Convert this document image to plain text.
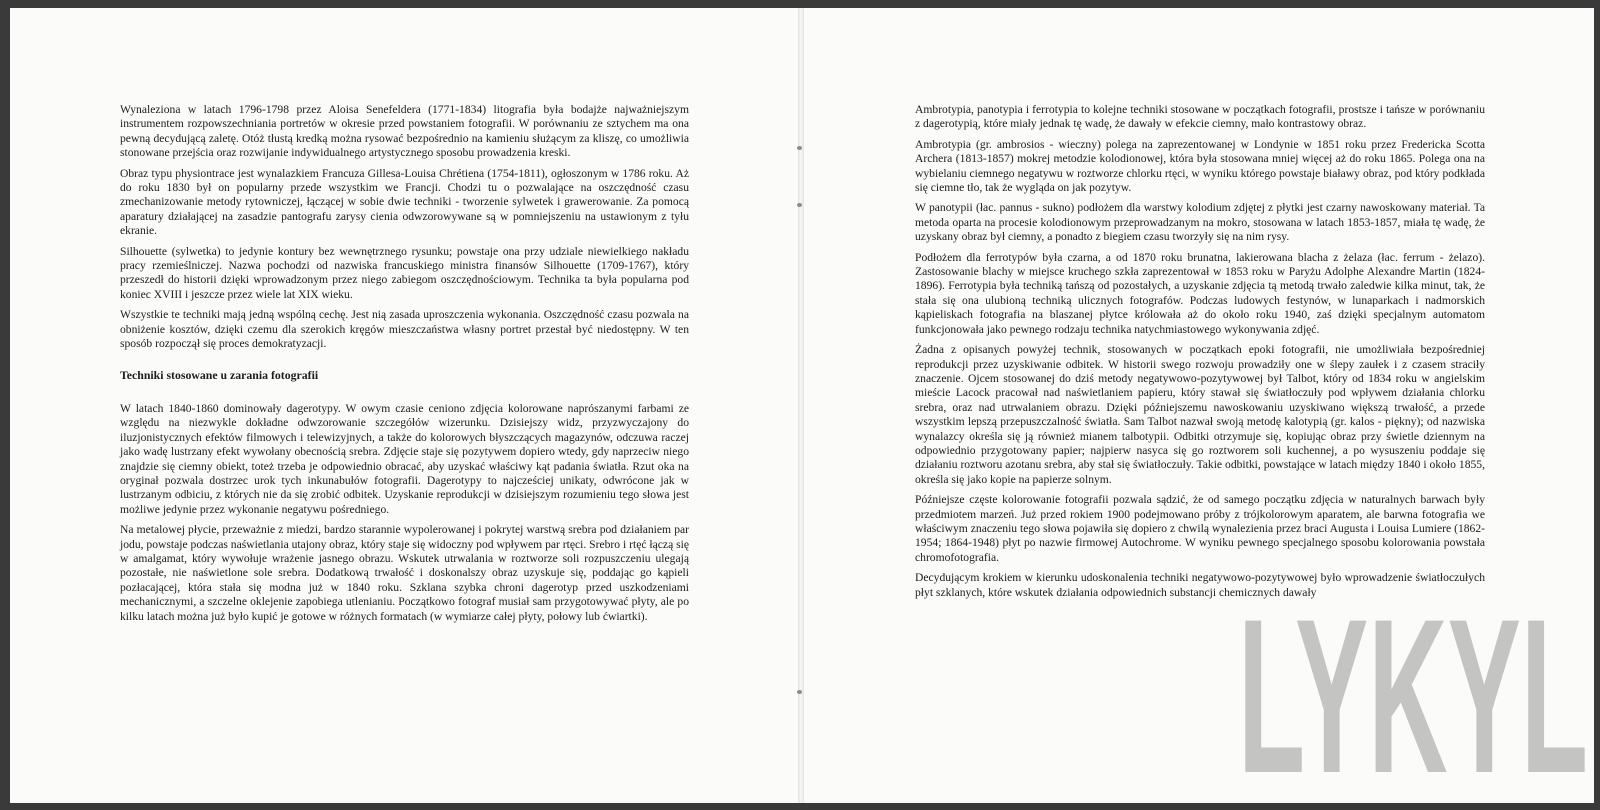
Wynaleziona w latach 1796-1798 przez Aloisa Senefeldera (1771-1834) litografia była bodajże najważniejszym instrumentem rozpowszechniania portretów w okresie przed powstaniem fotografii. W porównaniu ze sztychem ma ona pewną decydującą zaletę. Otóż tłustą kredką można rysować bezpośrednio na kamieniu służącym za kliszę, co umożliwia stonowane przejścia oraz rozwijanie indywidualnego artystycznego sposobu prowadzenia kreski.

Obraz typu physiontrace jest wynalazkiem Francuza Gillesa-Louisa Chrétiena (1754-1811), ogłoszonym w 1786 roku. Aż do roku 1830 był on popularny przede wszystkim we Francji. Chodzi tu o pozwalające na oszczędność czasu zmechanizowanie metody rytowniczej, łączącej w sobie dwie techniki - tworzenie sylwetek i grawerowanie. Za pomocą aparatury działającej na zasadzie pantografu zarysy cienia odwzorowywane są w pomniejszeniu na ustawionym z tyłu ekranie.

Silhouette (sylwetka) to jedynie kontury bez wewnętrznego rysunku; powstaje ona przy udziale niewielkiego nakładu pracy rzemieślniczej. Nazwa pochodzi od nazwiska francuskiego ministra finansów Silhouette (1709-1767), który przeszedł do historii dzięki wprowadzonym przez niego zabiegom oszczędnościowym. Technika ta była popularna pod koniec XVIII i jeszcze przez wiele lat XIX wieku.

Wszystkie te techniki mają jedną wspólną cechę. Jest nią zasada uproszczenia wykonania. Oszczędność czasu pozwala na obniżenie kosztów, dzięki czemu dla szerokich kręgów mieszczaństwa własny portret przestał być niedostępny. W ten sposób rozpoczął się proces demokratyzacji.

Techniki stosowane u zarania fotografii

W latach 1840-1860 dominowały dagerotypy. W owym czasie ceniono zdjęcia kolorowane naprószanymi farbami ze względu na niezwykle dokładne odwzorowanie szczegółów wizerunku. Dzisiejszy widz, przyzwyczajony do iluzjonistycznych efektów filmowych i telewizyjnych, a także do kolorowych błyszczących magazynów, odczuwa raczej jako wadę lustrzany efekt wywołany obecnością srebra. Zdjęcie staje się pozytywem dopiero wtedy, gdy naprzeciw niego znajdzie się ciemny obiekt, toteż trzeba je odpowiednio obracać, aby uzyskać właściwy kąt padania światła. Rzut oka na oryginał pozwala dostrzec urok tych inkunabułów fotografii. Dagerotypy to najcześciej unikaty, odwrócone jak w lustrzanym odbiciu, z których nie da się zrobić odbitek. Uzyskanie reprodukcji w dzisiejszym rozumieniu tego słowa jest możliwe jedynie przez wykonanie negatywu pośredniego.

Na metalowej płycie, przeważnie z miedzi, bardzo starannie wypolerowanej i pokrytej warstwą srebra pod działaniem par jodu, powstaje podczas naświetlania utajony obraz, który staje się widoczny pod wpływem par rtęci. Srebro i rtęć łączą się w amalgamat, który wywołuje wrażenie jasnego obrazu. Wskutek utrwalania w roztworze soli rozpuszczeniu ulegają pozostałe, nie naświetlone sole srebra. Dodatkową trwałość i doskonalszy obraz uzyskuje się, poddając go kąpieli pozłacającej, która stała się modna już w 1840 roku. Szklana szybka chroni dagerotyp przed uszkodzeniami mechanicznymi, a szczelne oklejenie zapobiega utlenianiu. Początkowo fotograf musiał sam przygotowywać płyty, ale po kilku latach można już było kupić je gotowe w różnych formatach (w wymiarze całej płyty, połowy lub ćwiartki).

Ambrotypia, panotypia i ferrotypia to kolejne techniki stosowane w początkach fotografii, prostsze i tańsze w porównaniu z dagerotypią, które miały jednak tę wadę, że dawały w efekcie ciemny, mało kontrastowy obraz.

Ambrotypia (gr. ambrosios - wieczny) polega na zaprezentowanej w Londynie w 1851 roku przez Fredericka Scotta Archera (1813-1857) mokrej metodzie kolodionowej, która była stosowana mniej więcej aż do roku 1865. Polega ona na wybielaniu ciemnego negatywu w roztworze chlorku rtęci, w wyniku którego powstaje białawy obraz, pod który podkłada się ciemne tło, tak że wygląda on jak pozytyw.

W panotypii (łac. pannus - sukno) podłożem dla warstwy kolodium zdjętej z płytki jest czarny nawoskowany materiał. Ta metoda oparta na procesie kolodionowym przeprowadzanym na mokro, stosowana w latach 1853-1857, miała tę wadę, że uzyskany obraz był ciemny, a ponadto z biegiem czasu tworzyły się na nim rysy.

Podłożem dla ferrotypów była czarna, a od 1870 roku brunatna, lakierowana blacha z żelaza (łac. ferrum - żelazo). Zastosowanie blachy w miejsce kruchego szkła zaprezentował w 1853 roku w Paryżu Adolphe Alexandre Martin (1824-1896). Ferrotypia była techniką tańszą od pozostałych, a uzyskanie zdjęcia tą metodą trwało zaledwie kilka minut, tak, że stała się ona ulubioną techniką ulicznych fotografów. Podczas ludowych festynów, w lunaparkach i nadmorskich kąpieliskach fotografia na blaszanej płytce królowała aż do około roku 1940, zaś dzięki specjalnym automatom funkcjonowała jako pewnego rodzaju technika natychmiastowego wykonywania zdjęć.

Żadna z opisanych powyżej technik, stosowanych w początkach epoki fotografii, nie umożliwiała bezpośredniej reprodukcji przez uzyskiwanie odbitek. W historii swego rozwoju prowadziły one w ślepy zaułek i z czasem straciły znaczenie. Ojcem stosowanej do dziś metody negatywowo-pozytywowej był Talbot, który od 1834 roku w angielskim mieście Lacock pracował nad naświetlaniem papieru, który stawał się światłoczuły pod wpływem działania chlorku srebra, oraz nad utrwalaniem obrazu. Dzięki późniejszemu nawoskowaniu uzyskiwano większą trwałość, a przede wszystkim lepszą przepuszczalność światła. Sam Talbot nazwał swoją metodę kalotypią (gr. kalos - piękny); od nazwiska wynalazcy określa się ją również mianem talbotypii. Odbitki otrzymuje się, kopiując obraz przy świetle dziennym na odpowiednio przygotowany papier; najpierw nasyca się go roztworem soli kuchennej, a po wysuszeniu poddaje się działaniu roztworu azotanu srebra, aby stał się światłoczuły. Takie odbitki, powstające w latach między 1840 i około 1855, określa się jako kopie na papierze solnym.

Późniejsze częste kolorowanie fotografii pozwala sądzić, że od samego początku zdjęcia w naturalnych barwach były przedmiotem marzeń. Już przed rokiem 1900 podejmowano próby z trójkolorowym aparatem, ale barwna fotografia we właściwym znaczeniu tego słowa pojawiła się dopiero z chwilą wynalezienia przez braci Augusta i Louisa Lumiere (1862-1954; 1864-1948) płyt po nazwie firmowej Autochrome. W wyniku pewnego specjalnego sposobu kolorowania powstała chromofotografia.

Decydującym krokiem w kierunku udoskonalenia techniki negatywowo-pozytywowej było wprowadzenie światłoczułych płyt szklanych, które wskutek działania odpowiednich substancji chemicznych dawały

LYKYL
